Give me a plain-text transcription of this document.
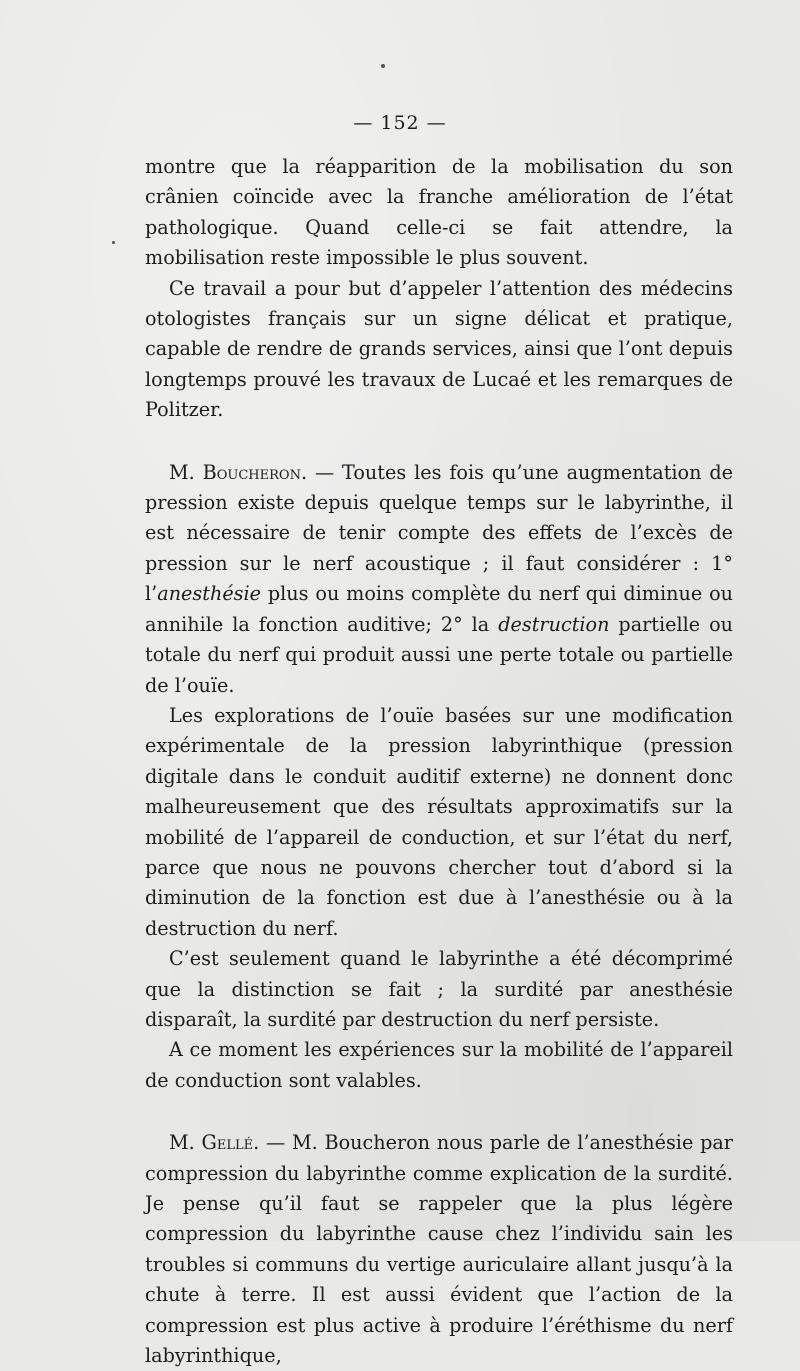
— 152 —

montre que la réapparition de la mobilisation du son crânien coïncide avec la franche amélioration de l’état pathologique. Quand celle-ci se fait attendre, la mobilisation reste impossible le plus souvent.

Ce travail a pour but d’appeler l’attention des médecins otologistes français sur un signe délicat et pratique, capable de rendre de grands services, ainsi que l’ont depuis longtemps prouvé les travaux de Lucaé et les remarques de Politzer.

M. Boucheron. — Toutes les fois qu’une augmentation de pression existe depuis quelque temps sur le labyrinthe, il est nécessaire de tenir compte des effets de l’excès de pression sur le nerf acoustique ; il faut considérer : 1° l’anesthésie plus ou moins complète du nerf qui diminue ou annihile la fonction auditive; 2° la destruction partielle ou totale du nerf qui produit aussi une perte totale ou partielle de l’ouïe.

Les explorations de l’ouïe basées sur une modification expérimentale de la pression labyrinthique (pression digitale dans le conduit auditif externe) ne donnent donc malheureusement que des résultats approximatifs sur la mobilité de l’appareil de conduction, et sur l’état du nerf, parce que nous ne pouvons chercher tout d’abord si la diminution de la fonction est due à l’anesthésie ou à la destruction du nerf.

C’est seulement quand le labyrinthe a été décomprimé que la distinction se fait ; la surdité par anesthésie disparaît, la surdité par destruction du nerf persiste.

A ce moment les expériences sur la mobilité de l’appareil de conduction sont valables.

M. Gellé. — M. Boucheron nous parle de l’anesthésie par compression du labyrinthe comme explication de la surdité. Je pense qu’il faut se rappeler que la plus légère compression du labyrinthe cause chez l’individu sain les troubles si communs du vertige auriculaire allant jusqu’à la chute à terre. Il est aussi évident que l’action de la compression est plus active à produire l’éréthisme du nerf labyrinthique,
